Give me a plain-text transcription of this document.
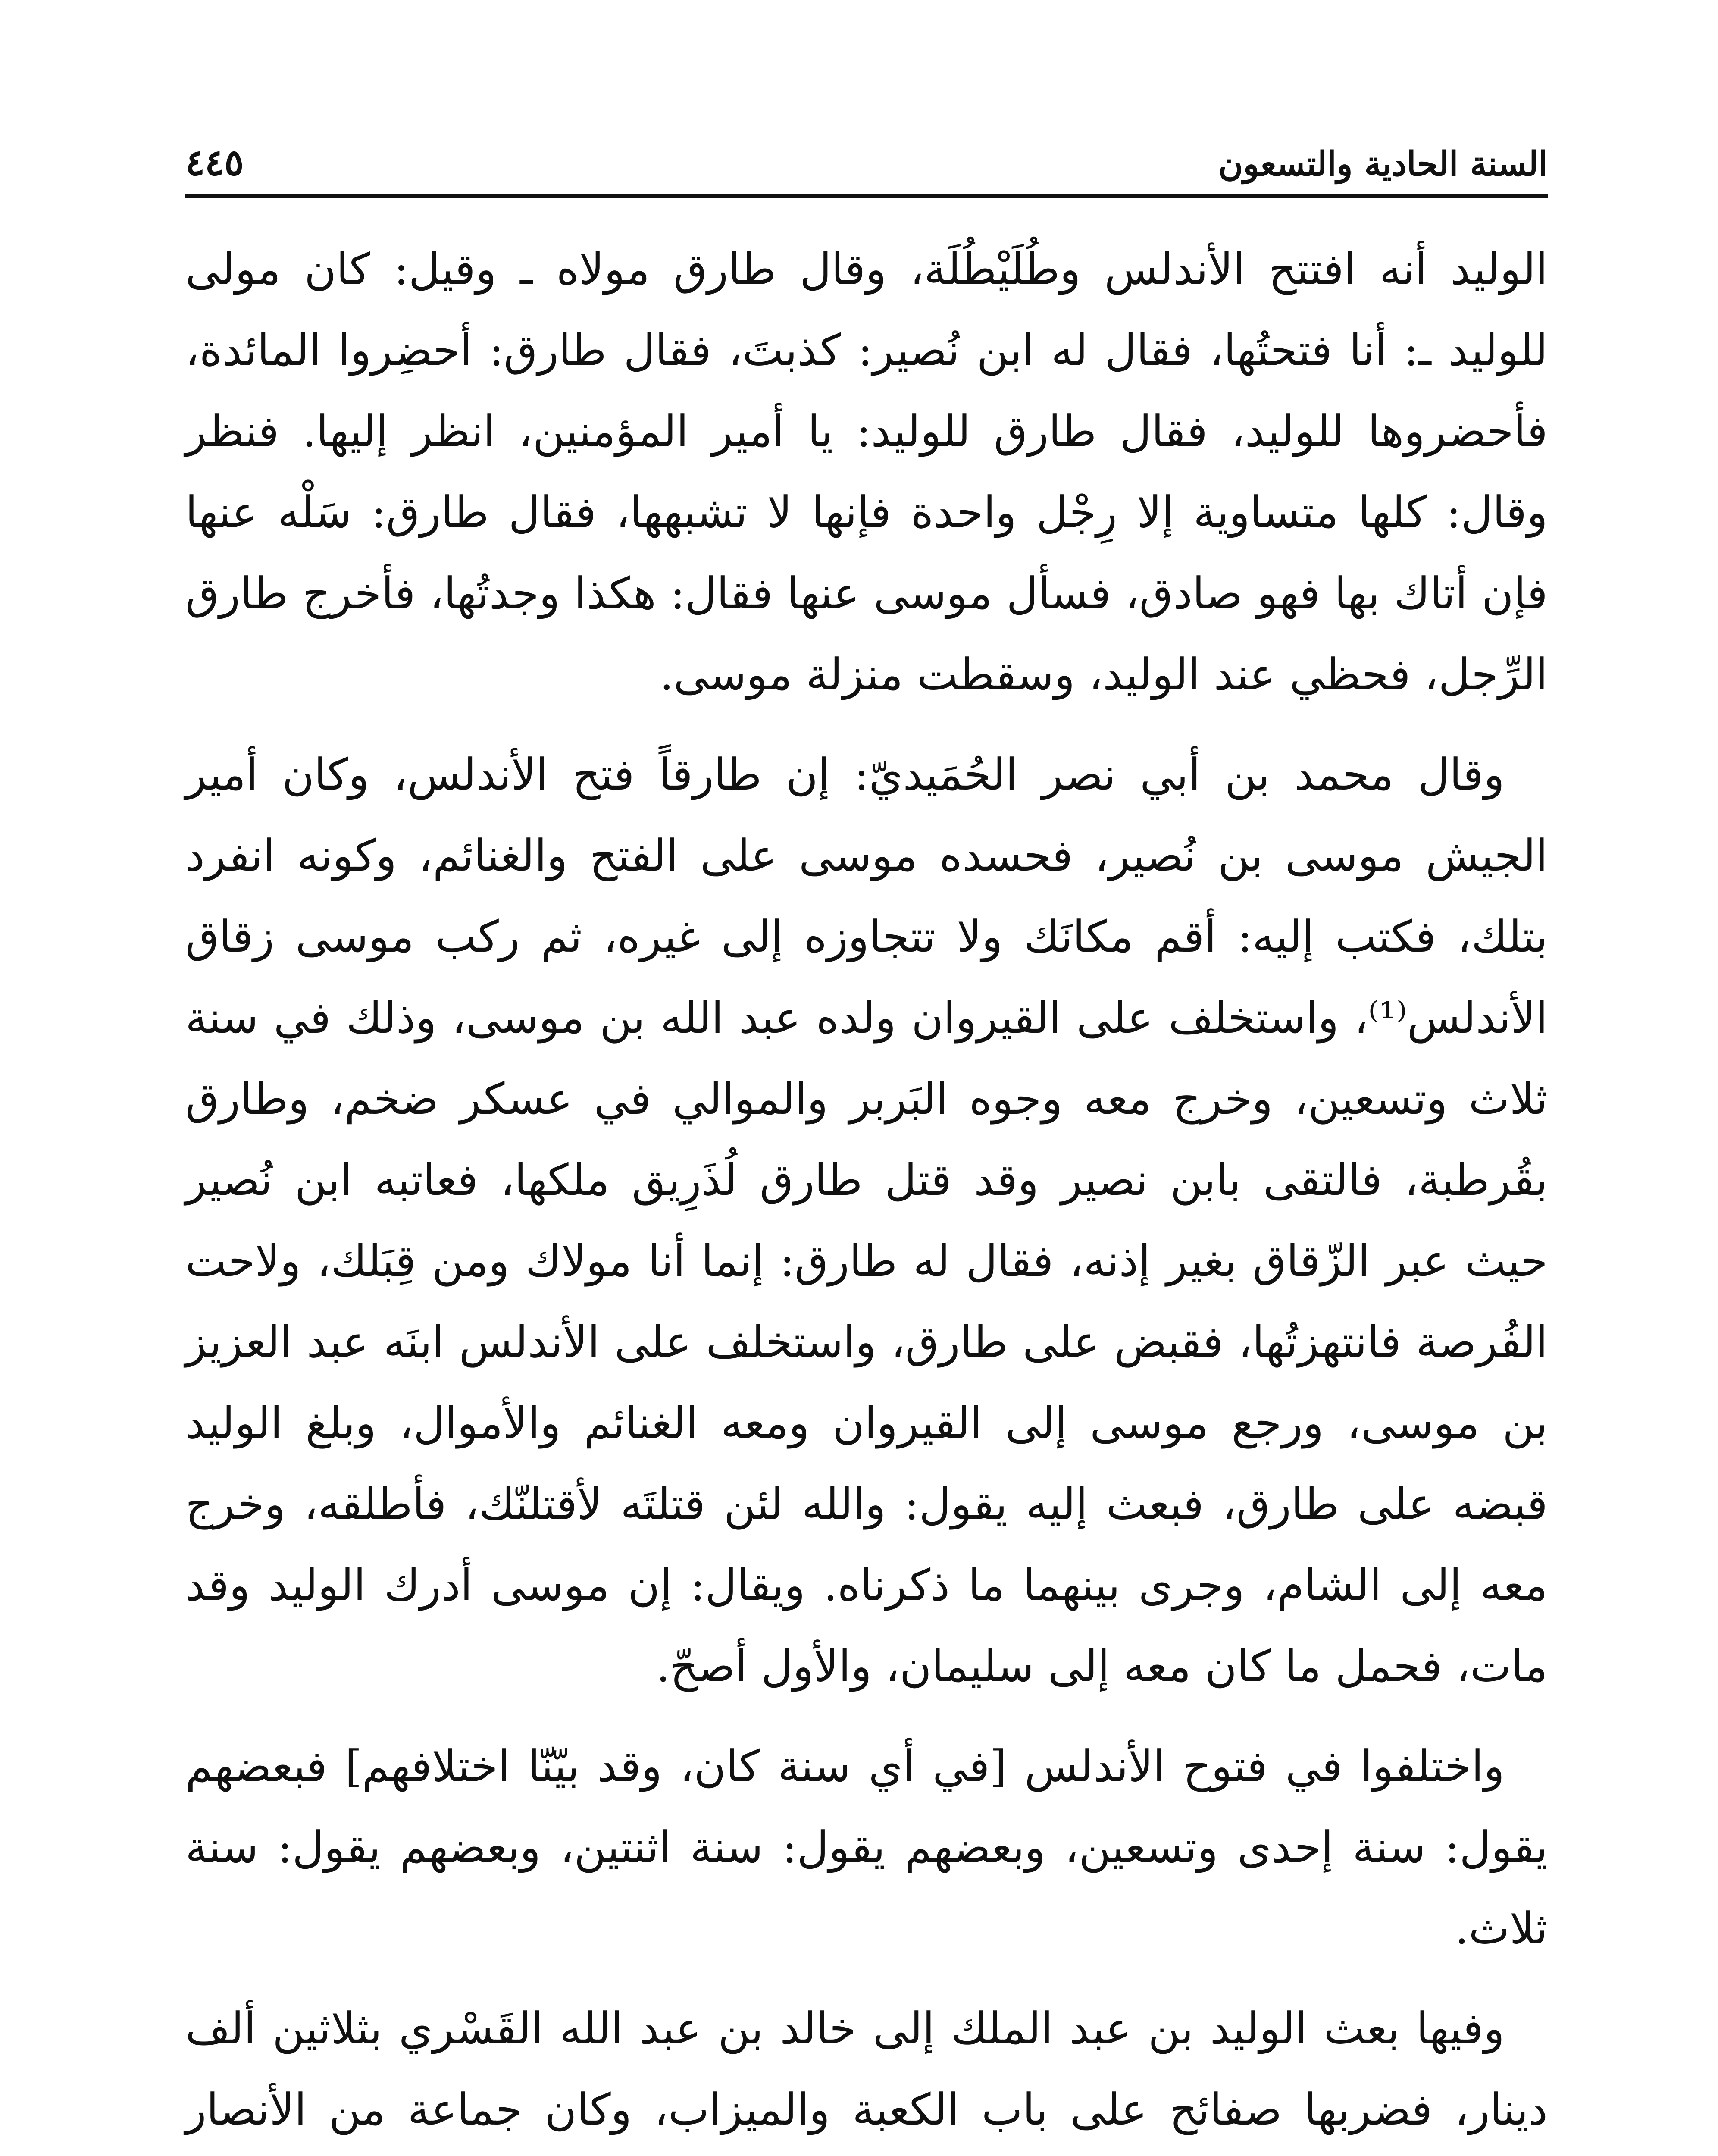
السنة الحادية والتسعون
٤٤٥

الوليد أنه افتتح الأندلس وطُلَيْطُلَة، وقال طارق مولاه ـ وقيل: كان مولى للوليد ـ: أنا فتحتُها، فقال له ابن نُصير: كذبتَ، فقال طارق: أحضِروا المائدة، فأحضروها للوليد، فقال طارق للوليد: يا أمير المؤمنين، انظر إليها. فنظر وقال: كلها متساوية إلا رِجْل واحدة فإنها لا تشبهها، فقال طارق: سَلْه عنها فإن أتاك بها فهو صادق، فسأل موسى عنها فقال: هكذا وجدتُها، فأخرج طارق الرِّجل، فحظي عند الوليد، وسقطت منزلة موسى.

وقال محمد بن أبي نصر الحُمَيديّ: إن طارقاً فتح الأندلس، وكان أمير الجيش موسى بن نُصير، فحسده موسى على الفتح والغنائم، وكونه انفرد بتلك، فكتب إليه: أقم مكانَك ولا تتجاوزه إلى غيره، ثم ركب موسى زقاق الأندلس⁽¹⁾، واستخلف على القيروان ولده عبد الله بن موسى، وذلك في سنة ثلاث وتسعين، وخرج معه وجوه البَربر والموالي في عسكر ضخم، وطارق بقُرطبة، فالتقى بابن نصير وقد قتل طارق لُذَرِيق ملكها، فعاتبه ابن نُصير حيث عبر الزّقاق بغير إذنه، فقال له طارق: إنما أنا مولاك ومن قِبَلك، ولاحت الفُرصة فانتهزتُها، فقبض على طارق، واستخلف على الأندلس ابنَه عبد العزيز بن موسى، ورجع موسى إلى القيروان ومعه الغنائم والأموال، وبلغ الوليد قبضه على طارق، فبعث إليه يقول: والله لئن قتلتَه لأقتلنّك، فأطلقه، وخرج معه إلى الشام، وجرى بينهما ما ذكرناه. ويقال: إن موسى أدرك الوليد وقد مات، فحمل ما كان معه إلى سليمان، والأول أصحّ.

واختلفوا في فتوح الأندلس [في أي سنة كان، وقد بيّنّا اختلافهم] فبعضهم يقول: سنة إحدى وتسعين، وبعضهم يقول: سنة اثنتين، وبعضهم يقول: سنة ثلاث.

وفيها بعث الوليد بن عبد الملك إلى خالد بن عبد الله القَسْري بثلاثين ألف دينار، فضربها صفائح على باب الكعبة والميزاب، وكان جماعة من الأنصار
